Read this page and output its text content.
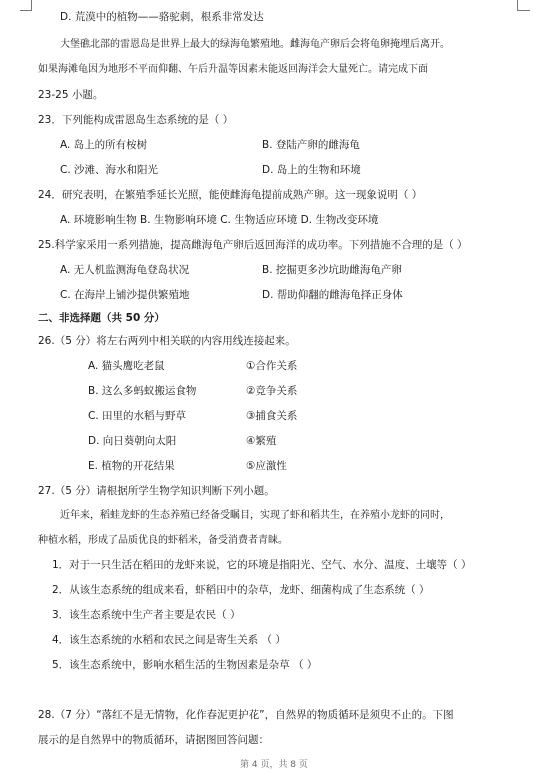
D. 荒漠中的植物——骆驼刺，根系非常发达
大堡礁北部的雷恩岛是世界上最大的绿海龟繁殖地。雌海龟产卵后会将龟卵掩埋后离开。
如果海滩龟因为地形不平而仰翻、午后升温等因素未能返回海洋会大量死亡。请完成下面
23-25 小题。
23．下列能构成雷恩岛生态系统的是（ ）
A. 岛上的所有桉树	B. 登陆产卵的雌海龟
C. 沙滩、海水和阳光	D. 岛上的生物和环境
24．研究表明，在繁殖季延长光照，能使雌海龟提前成熟产卵。这一现象说明（ ）
A. 环境影响生物 B. 生物影响环境 C. 生物适应环境 D. 生物改变环境
25.科学家采用一系列措施，提高雌海龟产卵后返回海洋的成功率。下列措施不合理的是（ ）
A. 无人机监测海龟登岛状况	B. 挖掘更多沙坑助雌海龟产卵
C. 在海岸上铺沙提供繁殖地	D. 帮助仰翻的雌海龟择正身体
二、非选择题（共 50 分）
26.（5 分）将左右两列中相关联的内容用线连接起来。
A. 猫头鹰吃老鼠	①合作关系
B. 这么多蚂蚁搬运食物	②竞争关系
C. 田里的水稻与野草	③捕食关系
D. 向日葵朝向太阳	④繁殖
E. 植物的开花结果	⑤应激性
27.（5 分）请根据所学生物学知识判断下列小题。
近年来，稻蛙龙虾的生态养殖已经备受瞩目，实现了虾和稻共生，在养殖小龙虾的同时，
种植水稻，形成了品质优良的虾稻米，备受消费者青睐。
1．对于一只生活在稻田的龙虾来说，它的环境是指阳光、空气、水分、温度、土壤等（ ）
2．从该生态系统的组成来看，虾稻田中的杂草，龙虾、细菌构成了生态系统（ ）
3．该生态系统中生产者主要是农民（ ）
4．该生态系统的水稻和农民之间是寄生关系 （ ）
5．该生态系统中，影响水稻生活的生物因素是杂草 （ ）
28.（7 分）“落红不是无情物，化作春泥更护花”，自然界的物质循环是须臾不止的。下图
展示的是自然界中的物质循环，请据图回答问题：
第 4 页，共 8 页
